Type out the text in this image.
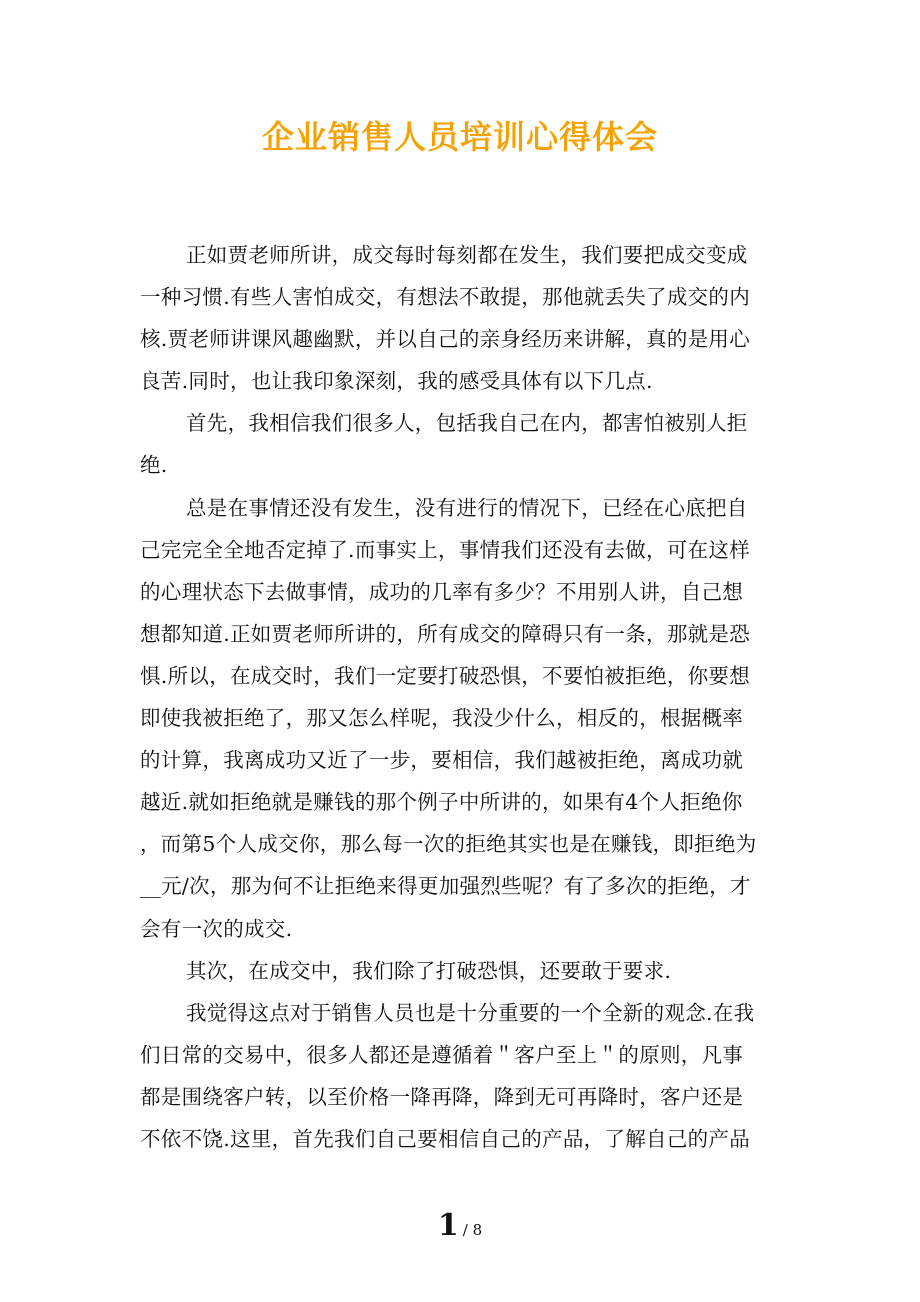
企业销售人员培训心得体会
正如贾老师所讲，成交每时每刻都在发生，我们要把成交变成
一种习惯.有些人害怕成交，有想法不敢提，那他就丢失了成交的内
核.贾老师讲课风趣幽默，并以自己的亲身经历来讲解，真的是用心
良苦.同时，也让我印象深刻，我的感受具体有以下几点.
首先，我相信我们很多人，包括我自己在内，都害怕被别人拒
绝.
总是在事情还没有发生，没有进行的情况下，已经在心底把自
己完完全全地否定掉了.而事实上，事情我们还没有去做，可在这样
的心理状态下去做事情，成功的几率有多少？不用别人讲，自己想
想都知道.正如贾老师所讲的，所有成交的障碍只有一条，那就是恐
惧.所以，在成交时，我们一定要打破恐惧，不要怕被拒绝，你要想
即使我被拒绝了，那又怎么样呢，我没少什么，相反的，根据概率
的计算，我离成功又近了一步，要相信，我们越被拒绝，离成功就
越近.就如拒绝就是赚钱的那个例子中所讲的，如果有4个人拒绝你
，而第5个人成交你，那么每一次的拒绝其实也是在赚钱，即拒绝为
__元/次，那为何不让拒绝来得更加强烈些呢？有了多次的拒绝，才
会有一次的成交.
其次，在成交中，我们除了打破恐惧，还要敢于要求.
我觉得这点对于销售人员也是十分重要的一个全新的观念.在我
们日常的交易中，很多人都还是遵循着＂客户至上＂的原则，凡事
都是围绕客户转，以至价格一降再降，降到无可再降时，客户还是
不依不饶.这里，首先我们自己要相信自己的产品，了解自己的产品
1 / 8
